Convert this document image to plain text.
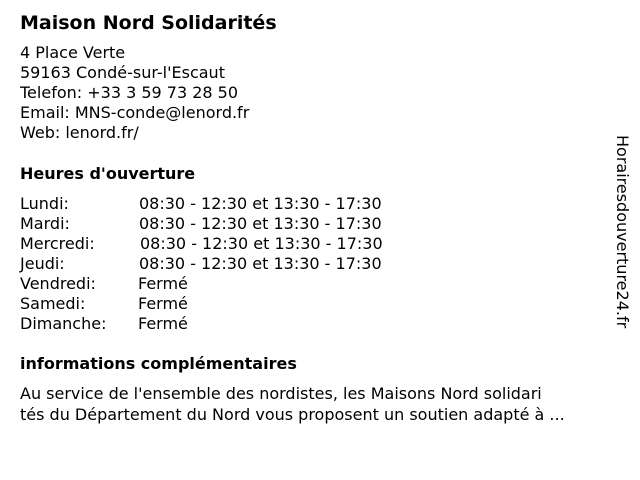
Maison Nord Solidarités
4 Place Verte
59163 Condé-sur-l'Escaut
Telefon: +33 3 59 73 28 50
Email: MNS-conde@lenord.fr
Web: lenord.fr/
Heures d'ouverture
Lundi:	08:30 - 12:30 et 13:30 - 17:30
Mardi:	08:30 - 12:30 et 13:30 - 17:30
Mercredi:	08:30 - 12:30 et 13:30 - 17:30
Jeudi:	08:30 - 12:30 et 13:30 - 17:30
Vendredi:	Fermé
Samedi:	Fermé
Dimanche: Fermé
informations complémentaires
Au service de l'ensemble des nordistes, les Maisons Nord solidari
tés du Département du Nord vous proposent un soutien adapté à ...
Horairesdouverture24.fr
